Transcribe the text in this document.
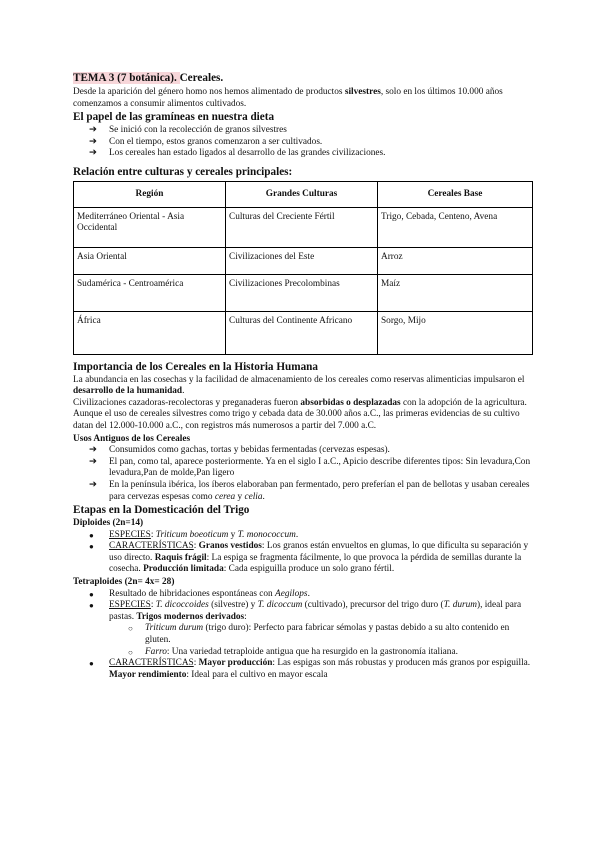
TEMA 3 (7 botánica). Cereales.

Desde la aparición del género homo nos hemos alimentado de productos silvestres, solo en los últimos 10.000 años comenzamos a consumir alimentos cultivados.

El papel de las gramíneas en nuestra dieta
➔ Se inició con la recolección de granos silvestres
➔ Con el tiempo, estos granos comenzaron a ser cultivados.
➔ Los cereales han estado ligados al desarrollo de las grandes civilizaciones.
Relación entre culturas y cereales principales:
Región	Grandes Culturas	Cereales Base
Mediterráneo Oriental - Asia Occidental	Culturas del Creciente Fértil	Trigo, Cebada, Centeno, Avena
Asia Oriental	Civilizaciones del Este	Arroz
Sudamérica - Centroamérica	Civilizaciones Precolombinas	Maíz
África	Culturas del Continente Africano	Sorgo, Mijo
Importancia de los Cereales en la Historia Humana

La abundancia en las cosechas y la facilidad de almacenamiento de los cereales como reservas alimenticias impulsaron el desarrollo de la humanidad.

Civilizaciones cazadoras-recolectoras y preganaderas fueron absorbidas o desplazadas con la adopción de la agricultura.

Aunque el uso de cereales silvestres como trigo y cebada data de 30.000 años a.C., las primeras evidencias de su cultivo datan del 12.000-10.000 a.C., con registros más numerosos a partir del 7.000 a.C.

Usos Antiguos de los Cereales
➔ Consumidos como gachas, tortas y bebidas fermentadas (cervezas espesas).
➔ El pan, como tal, aparece posteriormente. Ya en el siglo I a.C., Apicio describe diferentes tipos: Sin levadura,Con levadura,Pan de molde,Pan ligero
➔ En la península ibérica, los íberos elaboraban pan fermentado, pero preferían el pan de bellotas y usaban cereales para cervezas espesas como cerea y celia.
Etapas en la Domesticación del Trigo
Diploides (2n=14)
● ESPECIES: Triticum boeoticum y T. monococcum.
● CARACTERÍSTICAS: Granos vestidos: Los granos están envueltos en glumas, lo que dificulta su separación y uso directo. Raquis frágil: La espiga se fragmenta fácilmente, lo que provoca la pérdida de semillas durante la cosecha. Producción limitada: Cada espiguilla produce un solo grano fértil.
Tetraploides (2n= 4x= 28)
● Resultado de hibridaciones espontáneas con Aegilops.
● ESPECIES: T. dicoccoides (silvestre) y T. dicoccum (cultivado), precursor del trigo duro (T. durum), ideal para pastas. Trigos modernos derivados:
○ Triticum durum (trigo duro): Perfecto para fabricar sémolas y pastas debido a su alto contenido en gluten.
○ Farro: Una variedad tetraploide antigua que ha resurgido en la gastronomía italiana.
● CARACTERÍSTICAS: Mayor producción: Las espigas son más robustas y producen más granos por espiguilla. Mayor rendimiento: Ideal para el cultivo en mayor escala
